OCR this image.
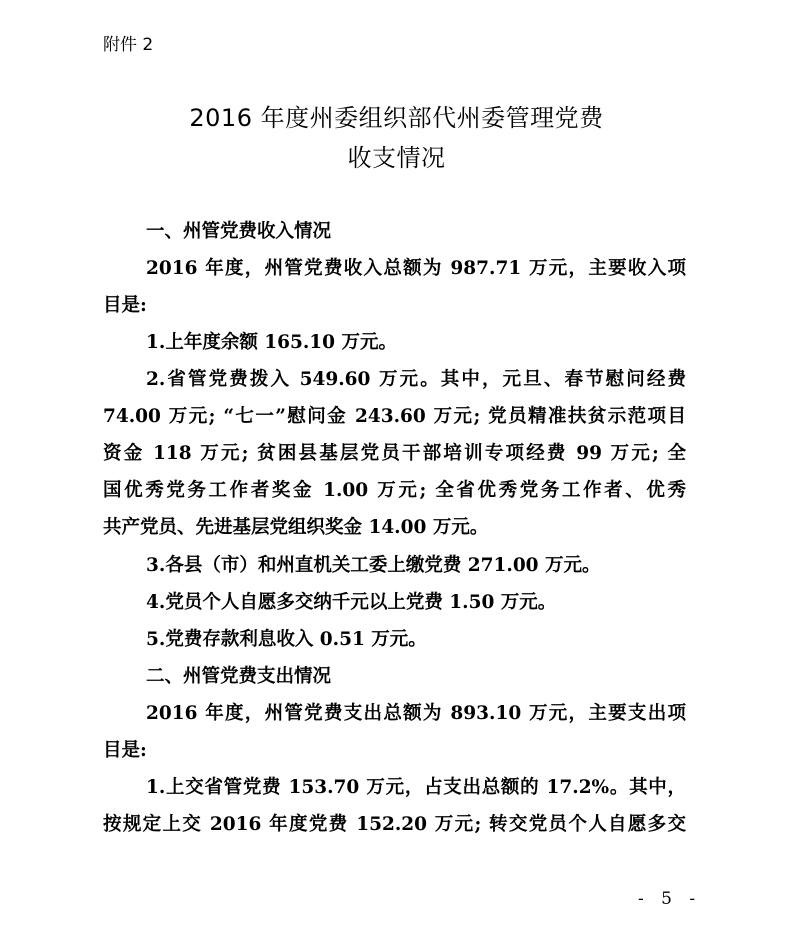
附件 2
2016 年度州委组织部代州委管理党费
收支情况
一、州管党费收入情况
2016 年度，州管党费收入总额为 987.71 万元，主要收入项
目是:
1.上年度余额 165.10 万元。
2.省管党费拨入 549.60 万元。其中，元旦、春节慰问经费
74.00 万元; “七一”慰问金 243.60 万元; 党员精准扶贫示范项目
资金 118 万元; 贫困县基层党员干部培训专项经费 99 万元; 全
国优秀党务工作者奖金 1.00 万元; 全省优秀党务工作者、优秀
共产党员、先进基层党组织奖金 14.00 万元。
3.各县（市）和州直机关工委上缴党费 271.00 万元。
4.党员个人自愿多交纳千元以上党费 1.50 万元。
5.党费存款利息收入 0.51 万元。
二、州管党费支出情况
2016 年度，州管党费支出总额为 893.10 万元，主要支出项
目是:
1.上交省管党费 153.70 万元，占支出总额的 17.2%。其中，
按规定上交 2016 年度党费 152.20 万元; 转交党员个人自愿多交
- 5 -
